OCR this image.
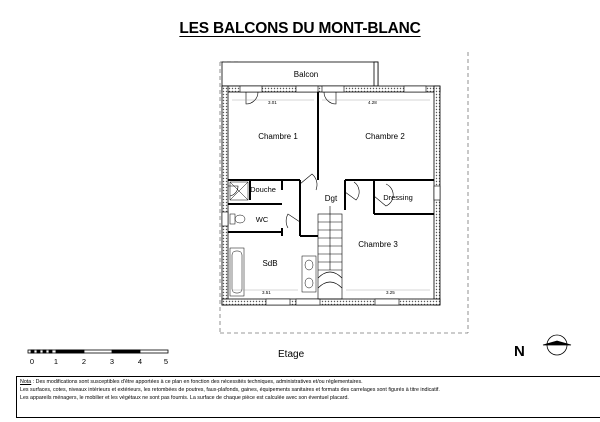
LES BALCONS DU MONT-BLANC
3.01	4.28
3.51	3.25
Balcon
Chambre 1	Chambre 2
Douche
Dgt	Dressing
WC
Chambre 3
SdB
0	1	2	3	4	5
Etage	N
Nota : Des modifications sont susceptibles d'être apportées à ce plan en fonction des nécessités techniques, administratives et/ou réglementaires.
Les surfaces, cotes, niveaux intérieurs et extérieurs, les retombées de poutres, faux-plafonds, gaines, équipements sanitaires et formats des carrelages sont figurés à titre indicatif.
Les appareils ménagers, le mobilier et les végétaux ne sont pas fournis. La surface de chaque pièce est calculée avec son éventuel placard.
